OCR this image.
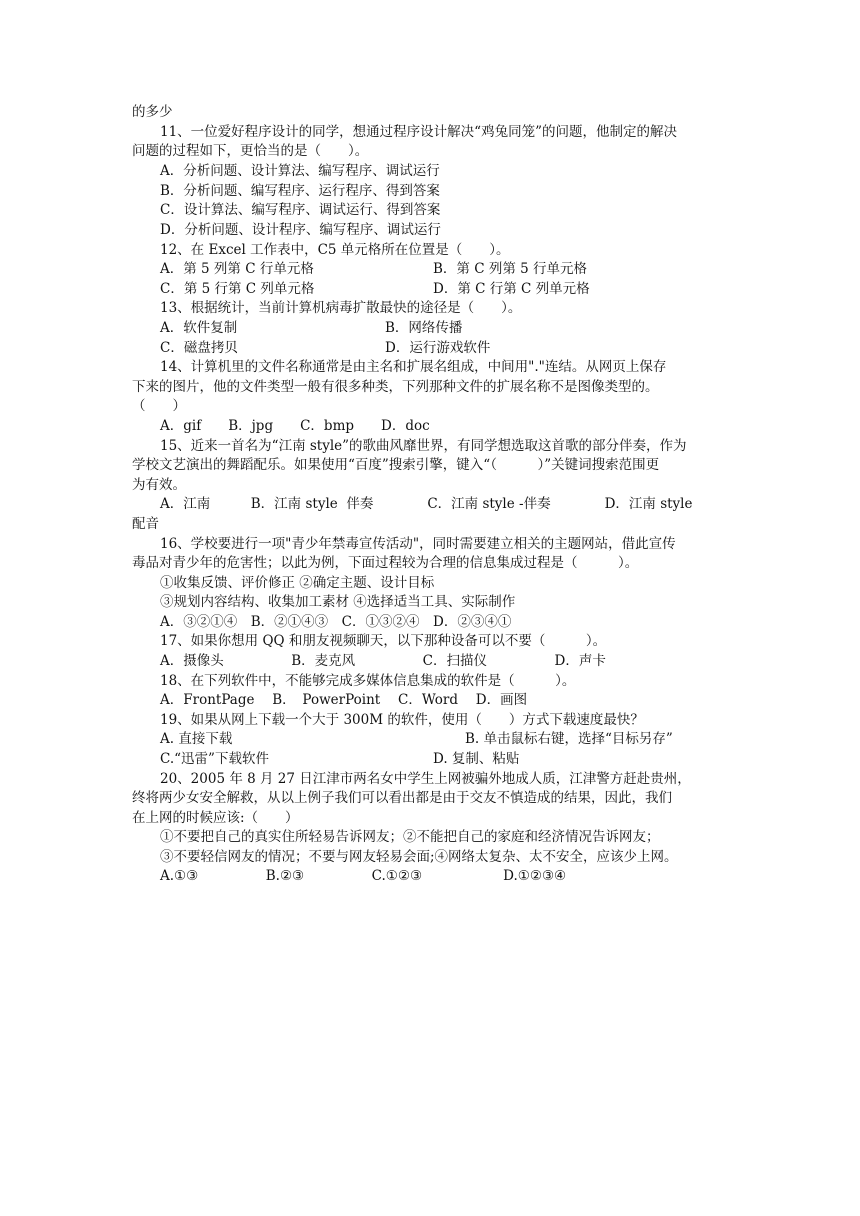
的多少
11、一位爱好程序设计的同学，想通过程序设计解决“鸡兔同笼”的问题，他制定的解决
问题的过程如下，更恰当的是（　　）。
A．分析问题、设计算法、编写程序、调试运行
B．分析问题、编写程序、运行程序、得到答案
C．设计算法、编写程序、调试运行、得到答案
D．分析问题、设计程序、编写程序、调试运行
12、在 Excel 工作表中，C5 单元格所在位置是（　　）。
A．第 5 列第 C 行单元格	B．第 C 列第 5 行单元格
C．第 5 行第 C 列单元格	D．第 C 行第 C 列单元格
13、根据统计，当前计算机病毒扩散最快的途径是（　　）。
A．软件复制	B．网络传播
C．磁盘拷贝	D．运行游戏软件
14、计算机里的文件名称通常是由主名和扩展名组成，中间用"."连结。从网页上保存
下来的图片，他的文件类型一般有很多种类，下列那种文件的扩展名称不是图像类型的。
（　　）
A．gif　　B．jpg　　C．bmp　　D．doc
15、近来一首名为“江南 style”的歌曲风靡世界，有同学想选取这首歌的部分伴奏，作为
学校文艺演出的舞蹈配乐。如果使用“百度”搜索引擎，键入“（　　　）”关键词搜索范围更
为有效。
A．江南　　　B．江南 style  伴奏　　　　C．江南 style -伴奏　　　　D．江南 style
配音
16、学校要进行一项"青少年禁毒宣传活动"，同时需要建立相关的主题网站，借此宣传
毒品对青少年的危害性；以此为例，下面过程较为合理的信息集成过程是（　　　）。
①收集反馈、评价修正 ②确定主题、设计目标
③规划内容结构、收集加工素材 ④选择适当工具、实际制作
A．③②①④　B．②①④③　C．①③②④　D．②③④①
17、如果你想用 QQ 和朋友视频聊天，以下那种设备可以不要（　　　）。
A．摄像头　　　　　B．麦克风　　　　　C．扫描仪　　　　　D．声卡
18、在下列软件中，不能够完成多媒体信息集成的软件是（　　　）。
A．FrontPage　 B．　PowerPoint　 C．Word　 D．画图
19、如果从网上下载一个大于 300M 的软件，使用（　　）方式下载速度最快？
A. 直接下载	B. 单击鼠标右键，选择“目标另存”
C.“迅雷”下载软件	D. 复制、粘贴
20、2005 年 8 月 27 日江津市两名女中学生上网被骗外地成人质，江津警方赶赴贵州，
终将两少女安全解救，从以上例子我们可以看出都是由于交友不慎造成的结果，因此，我们
在上网的时候应该:（　　）
①不要把自己的真实住所轻易告诉网友；②不能把自己的家庭和经济情况告诉网友；
③不要轻信网友的情况；不要与网友轻易会面;④网络太复杂、太不安全，应该少上网。
A.①③　　　　　B.②③　　　　　C.①②③　　　　　　D.①②③④
